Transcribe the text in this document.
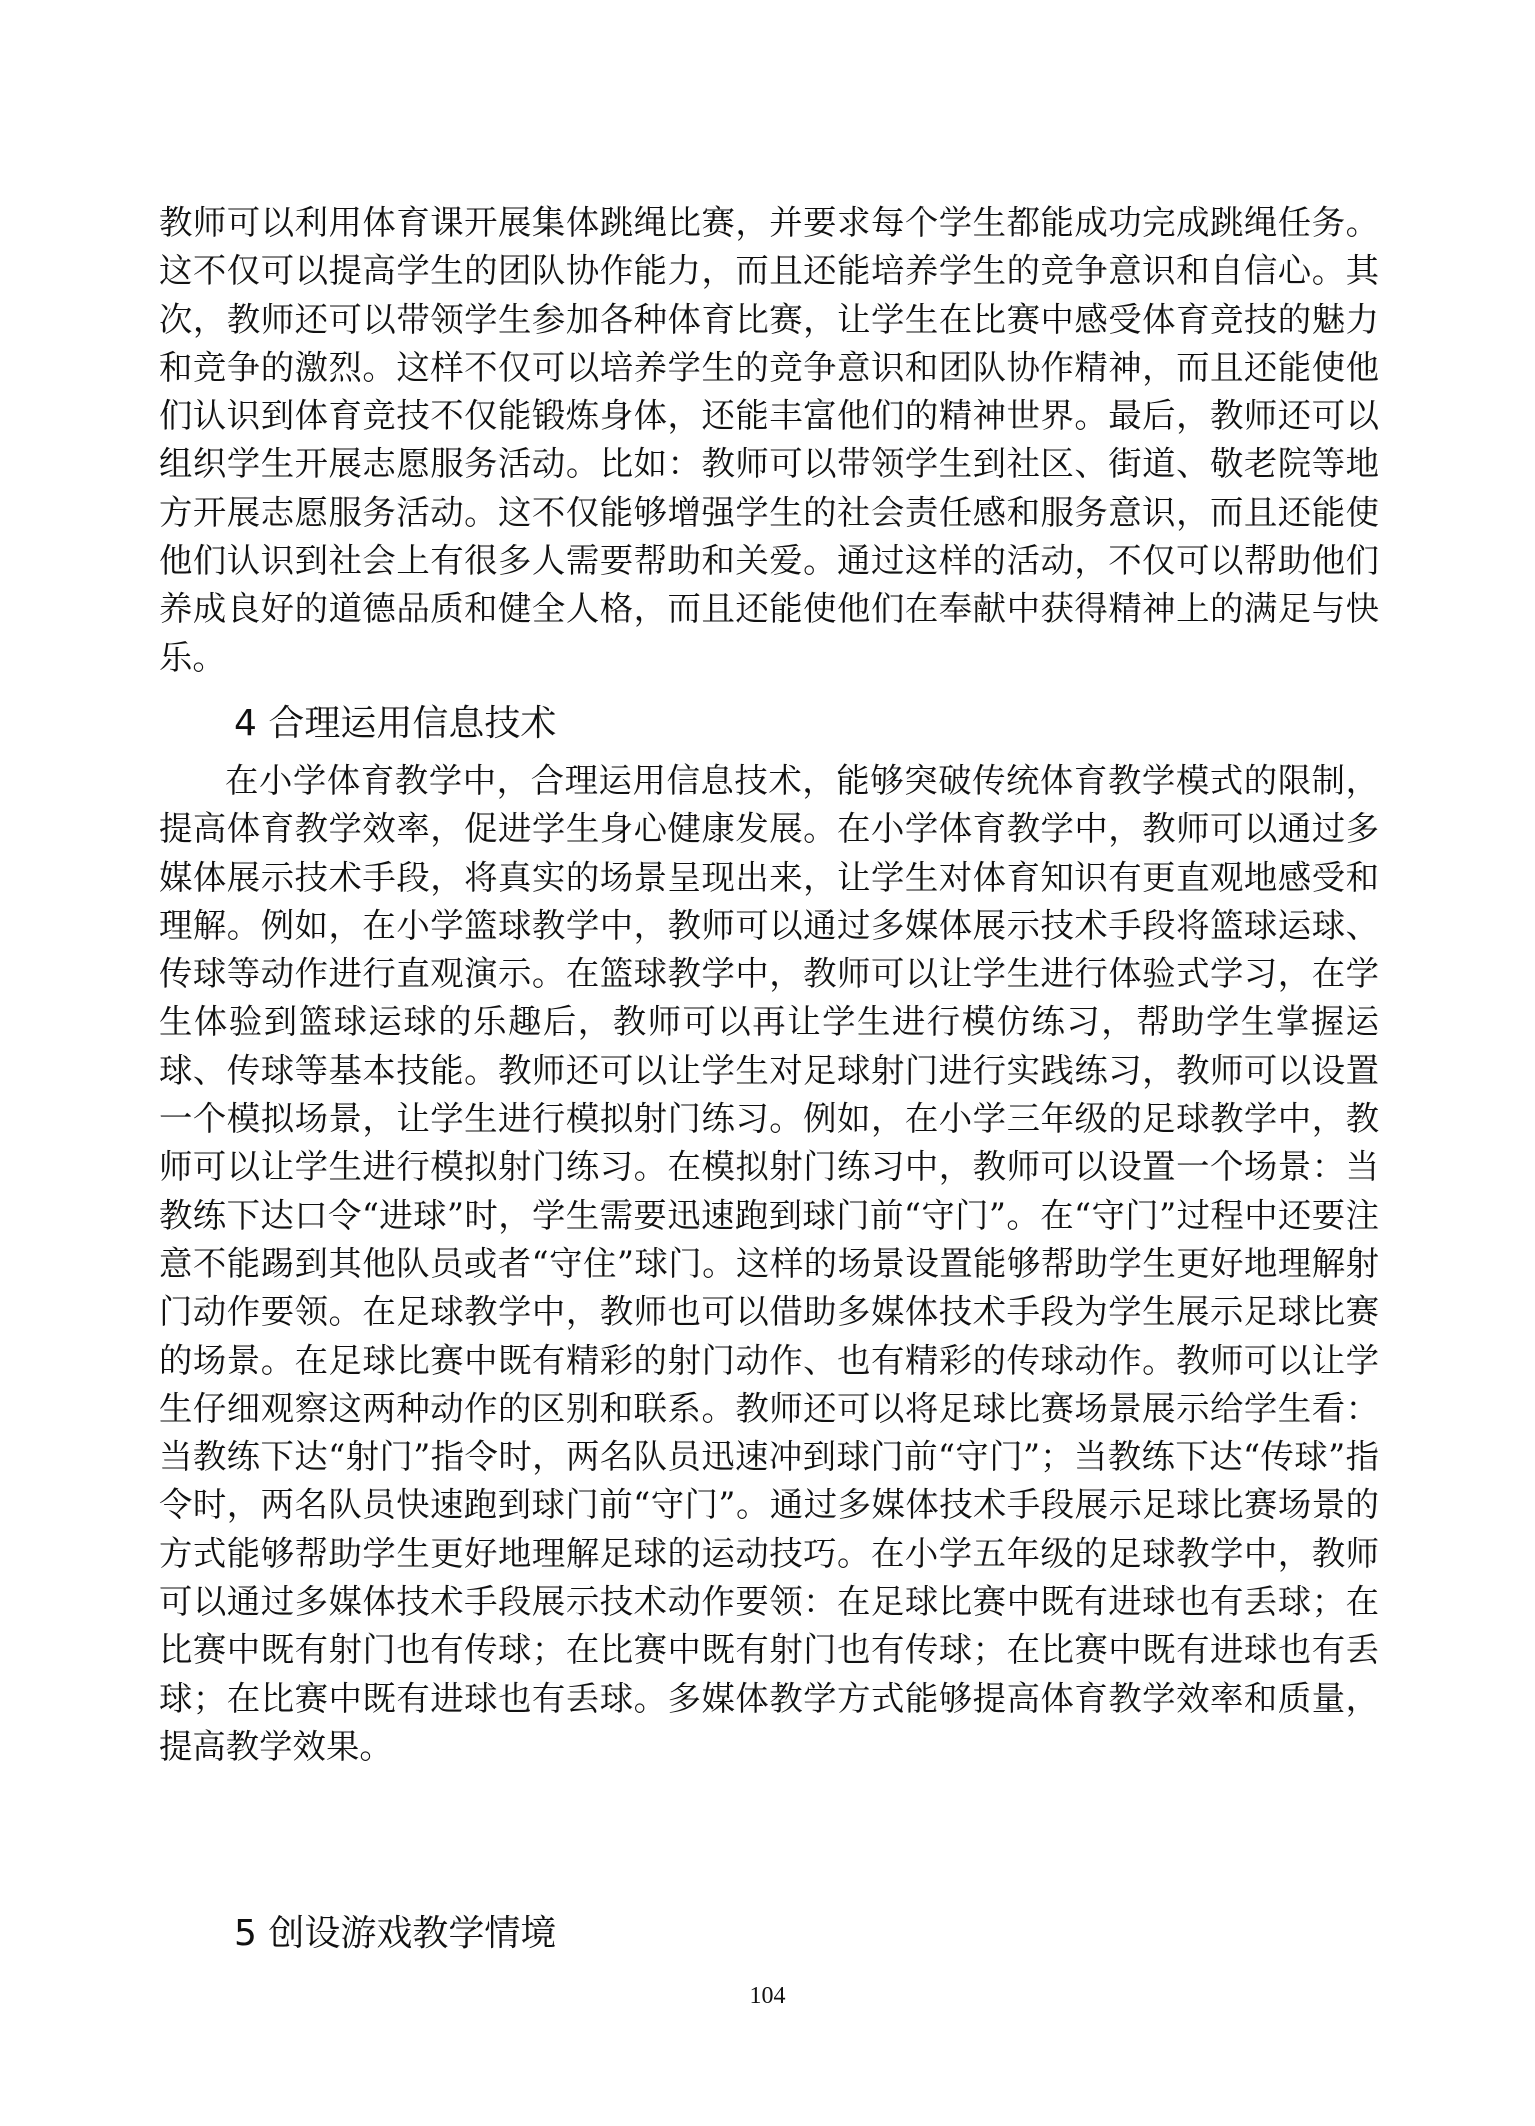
教师可以利用体育课开展集体跳绳比赛，并要求每个学生都能成功完成跳绳任务。这不仅可以提高学生的团队协作能力，而且还能培养学生的竞争意识和自信心。其次，教师还可以带领学生参加各种体育比赛，让学生在比赛中感受体育竞技的魅力和竞争的激烈。这样不仅可以培养学生的竞争意识和团队协作精神，而且还能使他们认识到体育竞技不仅能锻炼身体，还能丰富他们的精神世界。最后，教师还可以组织学生开展志愿服务活动。比如：教师可以带领学生到社区、街道、敬老院等地方开展志愿服务活动。这不仅能够增强学生的社会责任感和服务意识，而且还能使他们认识到社会上有很多人需要帮助和关爱。通过这样的活动，不仅可以帮助他们养成良好的道德品质和健全人格，而且还能使他们在奉献中获得精神上的满足与快乐。

4 合理运用信息技术

在小学体育教学中，合理运用信息技术，能够突破传统体育教学模式的限制，提高体育教学效率，促进学生身心健康发展。在小学体育教学中，教师可以通过多媒体展示技术手段，将真实的场景呈现出来，让学生对体育知识有更直观地感受和理解。例如，在小学篮球教学中，教师可以通过多媒体展示技术手段将篮球运球、传球等动作进行直观演示。在篮球教学中，教师可以让学生进行体验式学习，在学生体验到篮球运球的乐趣后，教师可以再让学生进行模仿练习，帮助学生掌握运球、传球等基本技能。教师还可以让学生对足球射门进行实践练习，教师可以设置一个模拟场景，让学生进行模拟射门练习。例如，在小学三年级的足球教学中，教师可以让学生进行模拟射门练习。在模拟射门练习中，教师可以设置一个场景：当教练下达口令“进球”时，学生需要迅速跑到球门前“守门”。在“守门”过程中还要注意不能踢到其他队员或者“守住”球门。这样的场景设置能够帮助学生更好地理解射门动作要领。在足球教学中，教师也可以借助多媒体技术手段为学生展示足球比赛的场景。在足球比赛中既有精彩的射门动作、也有精彩的传球动作。教师可以让学生仔细观察这两种动作的区别和联系。教师还可以将足球比赛场景展示给学生看：当教练下达“射门”指令时，两名队员迅速冲到球门前“守门”；当教练下达“传球”指令时，两名队员快速跑到球门前“守门”。通过多媒体技术手段展示足球比赛场景的方式能够帮助学生更好地理解足球的运动技巧。在小学五年级的足球教学中，教师可以通过多媒体技术手段展示技术动作要领：在足球比赛中既有进球也有丢球；在比赛中既有射门也有传球；在比赛中既有射门也有传球；在比赛中既有进球也有丢球；在比赛中既有进球也有丢球。多媒体教学方式能够提高体育教学效率和质量，提高教学效果。

5 创设游戏教学情境
104
